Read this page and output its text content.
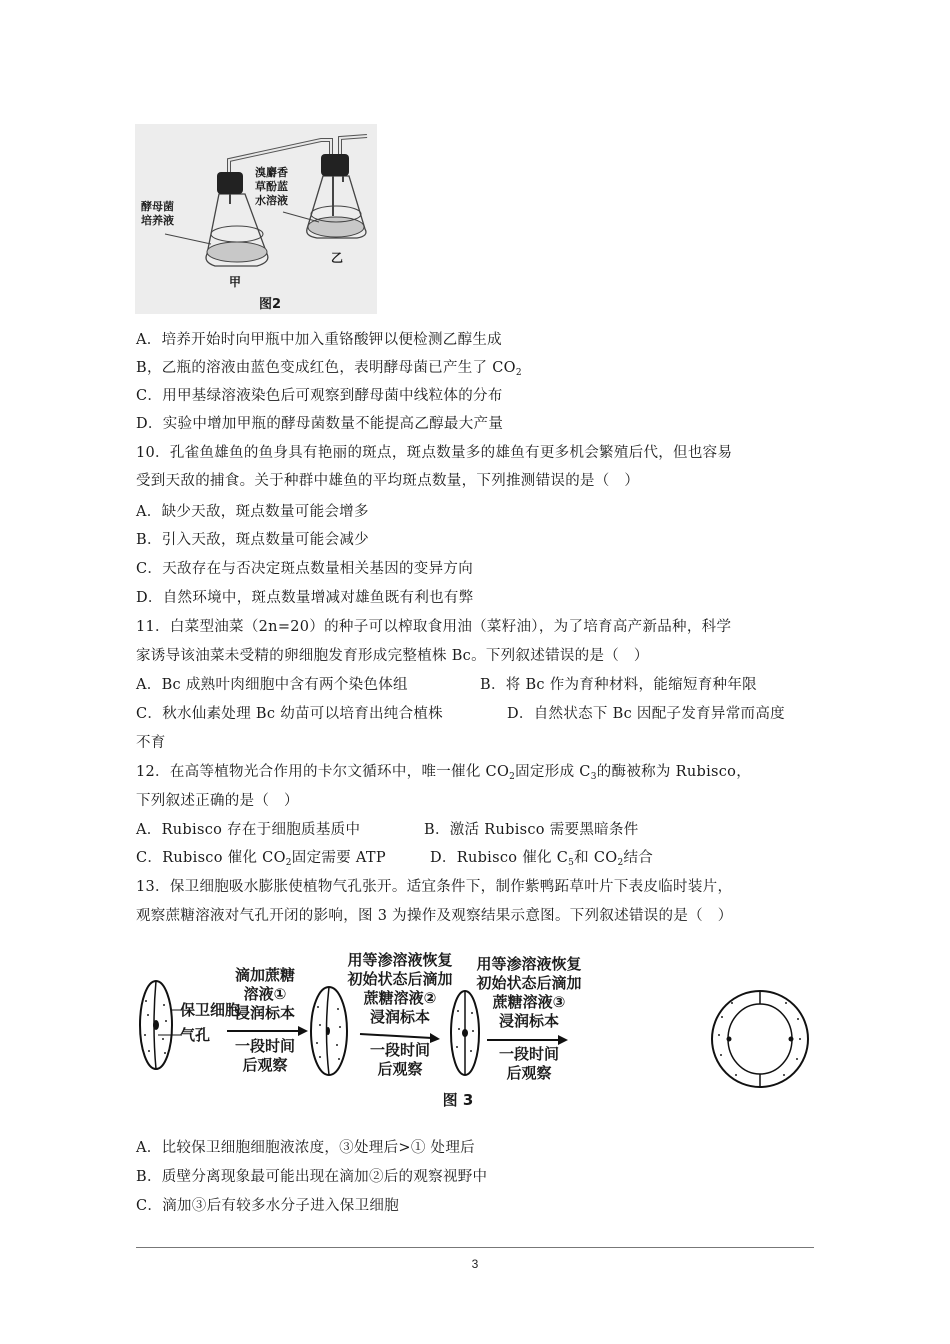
酵母菌
培养液
溴麝香
草酚蓝
水溶液
甲
乙
图2
A．培养开始时向甲瓶中加入重铬酸钾以便检测乙醇生成
B，乙瓶的溶液由蓝色变成红色，表明酵母菌已产生了 $CO_2$
C．用甲基绿溶液染色后可观察到酵母菌中线粒体的分布
D．实验中增加甲瓶的酵母菌数量不能提高乙醇最大产量
10．孔雀鱼雄鱼的鱼身具有艳丽的斑点，斑点数量多的雄鱼有更多机会繁殖后代，但也容易
受到天敌的捕食。关于种群中雄鱼的平均斑点数量，下列推测错误的是（　）
A．缺少天敌，斑点数量可能会增多
B．引入天敌，斑点数量可能会减少
C．天敌存在与否决定斑点数量相关基因的变异方向
D．自然环境中，斑点数量增减对雄鱼既有利也有弊
11．白菜型油菜（2n=20）的种子可以榨取食用油（菜籽油），为了培育高产新品种，科学
家诱导该油菜未受精的卵细胞发育形成完整植株 Bc。下列叙述错误的是（　）
A．Bc 成熟叶肉细胞中含有两个染色体组	B．将 Bc 作为育种材料，能缩短育种年限
C．秋水仙素处理 Bc 幼苗可以培育出纯合植株	D．自然状态下 Bc 因配子发育异常而高度
不育
12．在高等植物光合作用的卡尔文循环中，唯一催化 $CO_2$固定形成 $C_3$的酶被称为 Rubisco，
下列叙述正确的是（　）
A．Rubisco 存在于细胞质基质中	B．激活 Rubisco 需要黑暗条件
C．Rubisco 催化 $CO_2$固定需要 ATP	D．Rubisco 催化 $C_5$和 $CO_2$结合
13．保卫细胞吸水膨胀使植物气孔张开。适宜条件下，制作紫鸭跖草叶片下表皮临时装片，
观察蔗糖溶液对气孔开闭的影响，图 3 为操作及观察结果示意图。下列叙述错误的是（　）
保卫细胞
气孔
滴加蔗糖
溶液①
浸润标本
一段时间
后观察
用等渗溶液恢复
初始状态后滴加
蔗糖溶液②
浸润标本
一段时间
后观察
用等渗溶液恢复
初始状态后滴加
蔗糖溶液③
浸润标本
一段时间
后观察
图 3
A．比较保卫细胞细胞液浓度，③处理后>① 处理后
B．质壁分离现象最可能出现在滴加②后的观察视野中
C．滴加③后有较多水分子进入保卫细胞
3
